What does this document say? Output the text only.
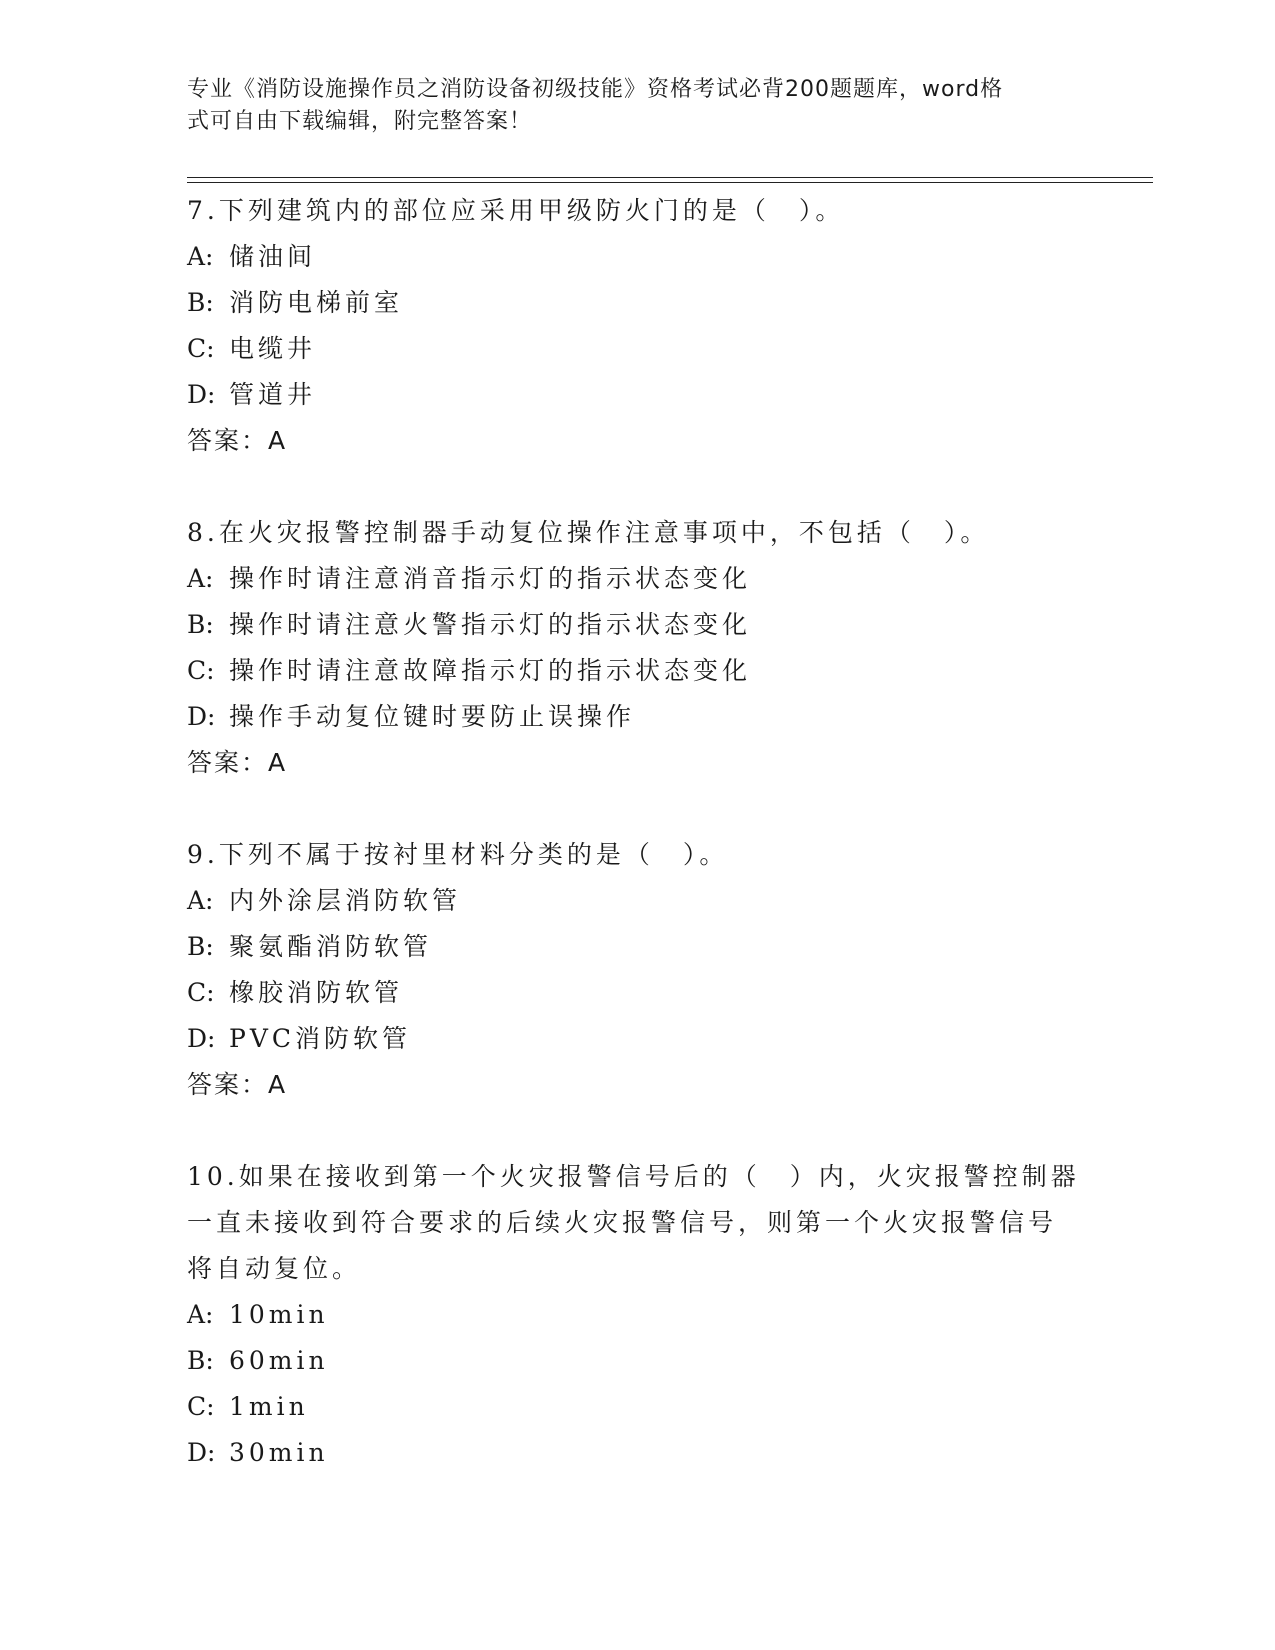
专业《消防设施操作员之消防设备初级技能》资格考试必背200题题库，word格
式可自由下载编辑，附完整答案！
7.下列建筑内的部位应采用甲级防火门的是（　）。
A: 储油间
B: 消防电梯前室
C: 电缆井
D: 管道井
答案：A
8.在火灾报警控制器手动复位操作注意事项中，不包括（　）。
A: 操作时请注意消音指示灯的指示状态变化
B: 操作时请注意火警指示灯的指示状态变化
C: 操作时请注意故障指示灯的指示状态变化
D: 操作手动复位键时要防止误操作
答案：A
9.下列不属于按衬里材料分类的是（　）。
A: 内外涂层消防软管
B: 聚氨酯消防软管
C: 橡胶消防软管
D: PVC消防软管
答案：A
10.如果在接收到第一个火灾报警信号后的（　）内，火灾报警控制器
一直未接收到符合要求的后续火灾报警信号，则第一个火灾报警信号
将自动复位。
A: 10min
B: 60min
C: 1min
D: 30min
